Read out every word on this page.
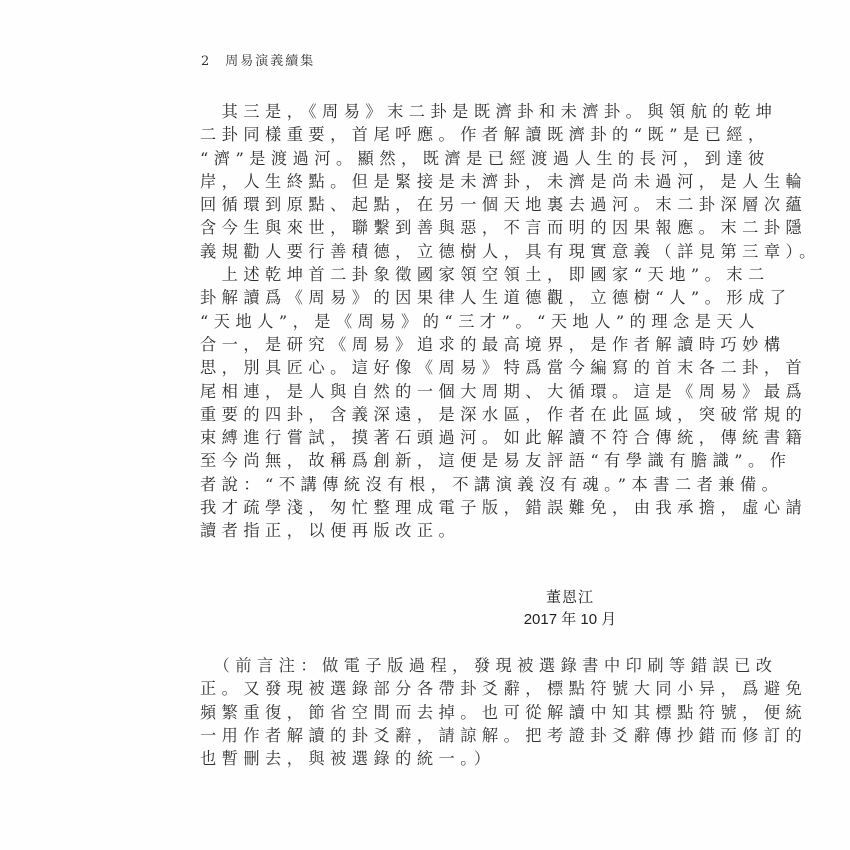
2 周易演義續集
　其三是，《周易》末二卦是既濟卦和未濟卦。與領航的乾坤
二卦同樣重要，首尾呼應。作者解讀既濟卦的“既”是已經，
“濟”是渡過河。顯然，既濟是已經渡過人生的長河，到達彼
岸，人生終點。但是緊接是未濟卦，未濟是尚未過河，是人生輪
回循環到原點、起點，在另一個天地裏去過河。末二卦深層次蘊
含今生與來世，聯繫到善與惡，不言而明的因果報應。末二卦隱
義規勸人要行善積德，立德樹人，具有現實意義（詳見第三章）。
　上述乾坤首二卦象徵國家領空領土，即國家“天地”。末二
卦解讀爲《周易》的因果律人生道德觀，立德樹“人”。形成了
“天地人”，是《周易》的“三才”。“天地人”的理念是天人
合一，是研究《周易》追求的最高境界，是作者解讀時巧妙構
思，別具匠心。這好像《周易》特爲當今編寫的首末各二卦，首
尾相連，是人與自然的一個大周期、大循環。這是《周易》最爲
重要的四卦，含義深遠，是深水區，作者在此區域，突破常規的
束縛進行嘗試，摸著石頭過河。如此解讀不符合傳統，傳統書籍
至今尚無，故稱爲創新，這便是易友評語“有學識有膽識”。作
者說：“不講傳統沒有根，不講演義沒有魂。”本書二者兼備。
我才疏學淺，匆忙整理成電子版，錯誤難免，由我承擔，虛心請
讀者指正，以便再版改正。
董恩江
2017 年 10 月
　（前言注：做電子版過程，發現被選錄書中印刷等錯誤已改
正。又發現被選錄部分各帶卦爻辭，標點符號大同小异，爲避免
頻繁重復，節省空間而去掉。也可從解讀中知其標點符號，便統
一用作者解讀的卦爻辭，請諒解。把考證卦爻辭傳抄錯而修訂的
也暫刪去，與被選錄的統一。）
